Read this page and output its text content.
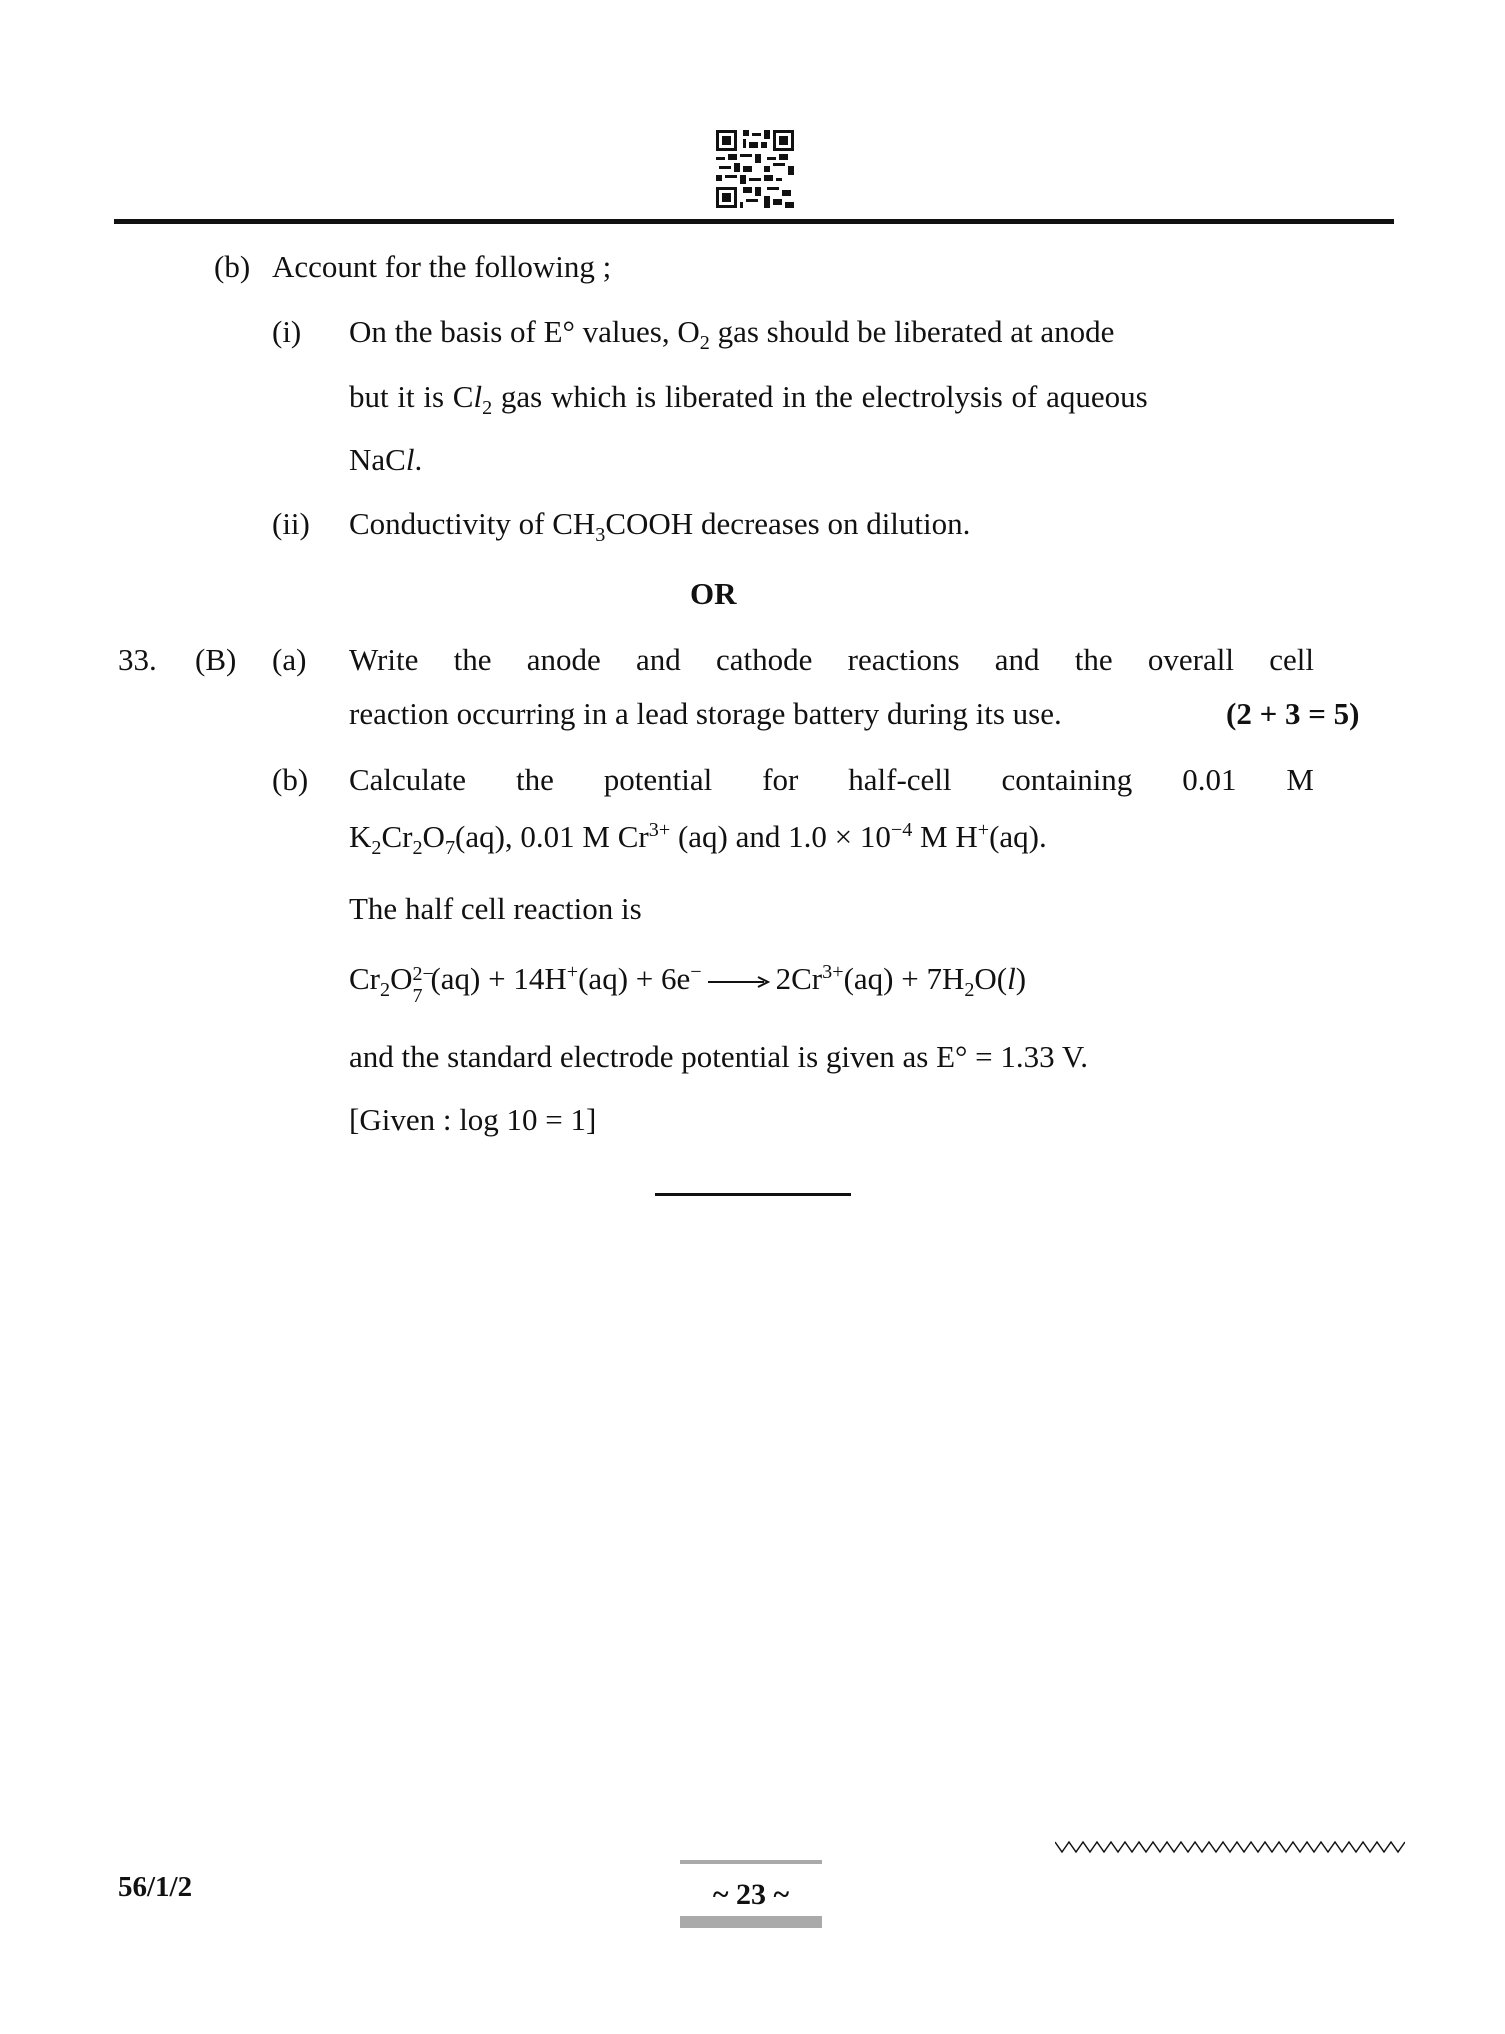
(b) Account for the following ;
(i) On the basis of E° values, $O_2$ gas should be liberated at anode
but it is $Cl_2$ gas which is liberated in the electrolysis of aqueous
NaCl.
(ii) Conductivity of $CH_3COOH$ decreases on dilution.
OR
33. (B) (a) Write the anode and cathode reactions and the overall cell
reaction occurring in a lead storage battery during its use.	(2 + 3 = 5)
(b) Calculate the potential for half-cell containing 0.01 M
$K_2Cr_2O_7(aq)$, 0.01 M $Cr^{3+}$ (aq) and $1.0 \times 10^{-4}$ M H+(aq).
The half cell reaction is
$Cr_2O$ 2−
7 $(aq) + 14H^+(aq) + 6e^- \to 2Cr^{3+}(aq) + 7H_2O(l)$
and the standard electrode potential is given as E° = 1.33 V.
[Given : log 10 = 1]
56/1/2	~ 23 ~
